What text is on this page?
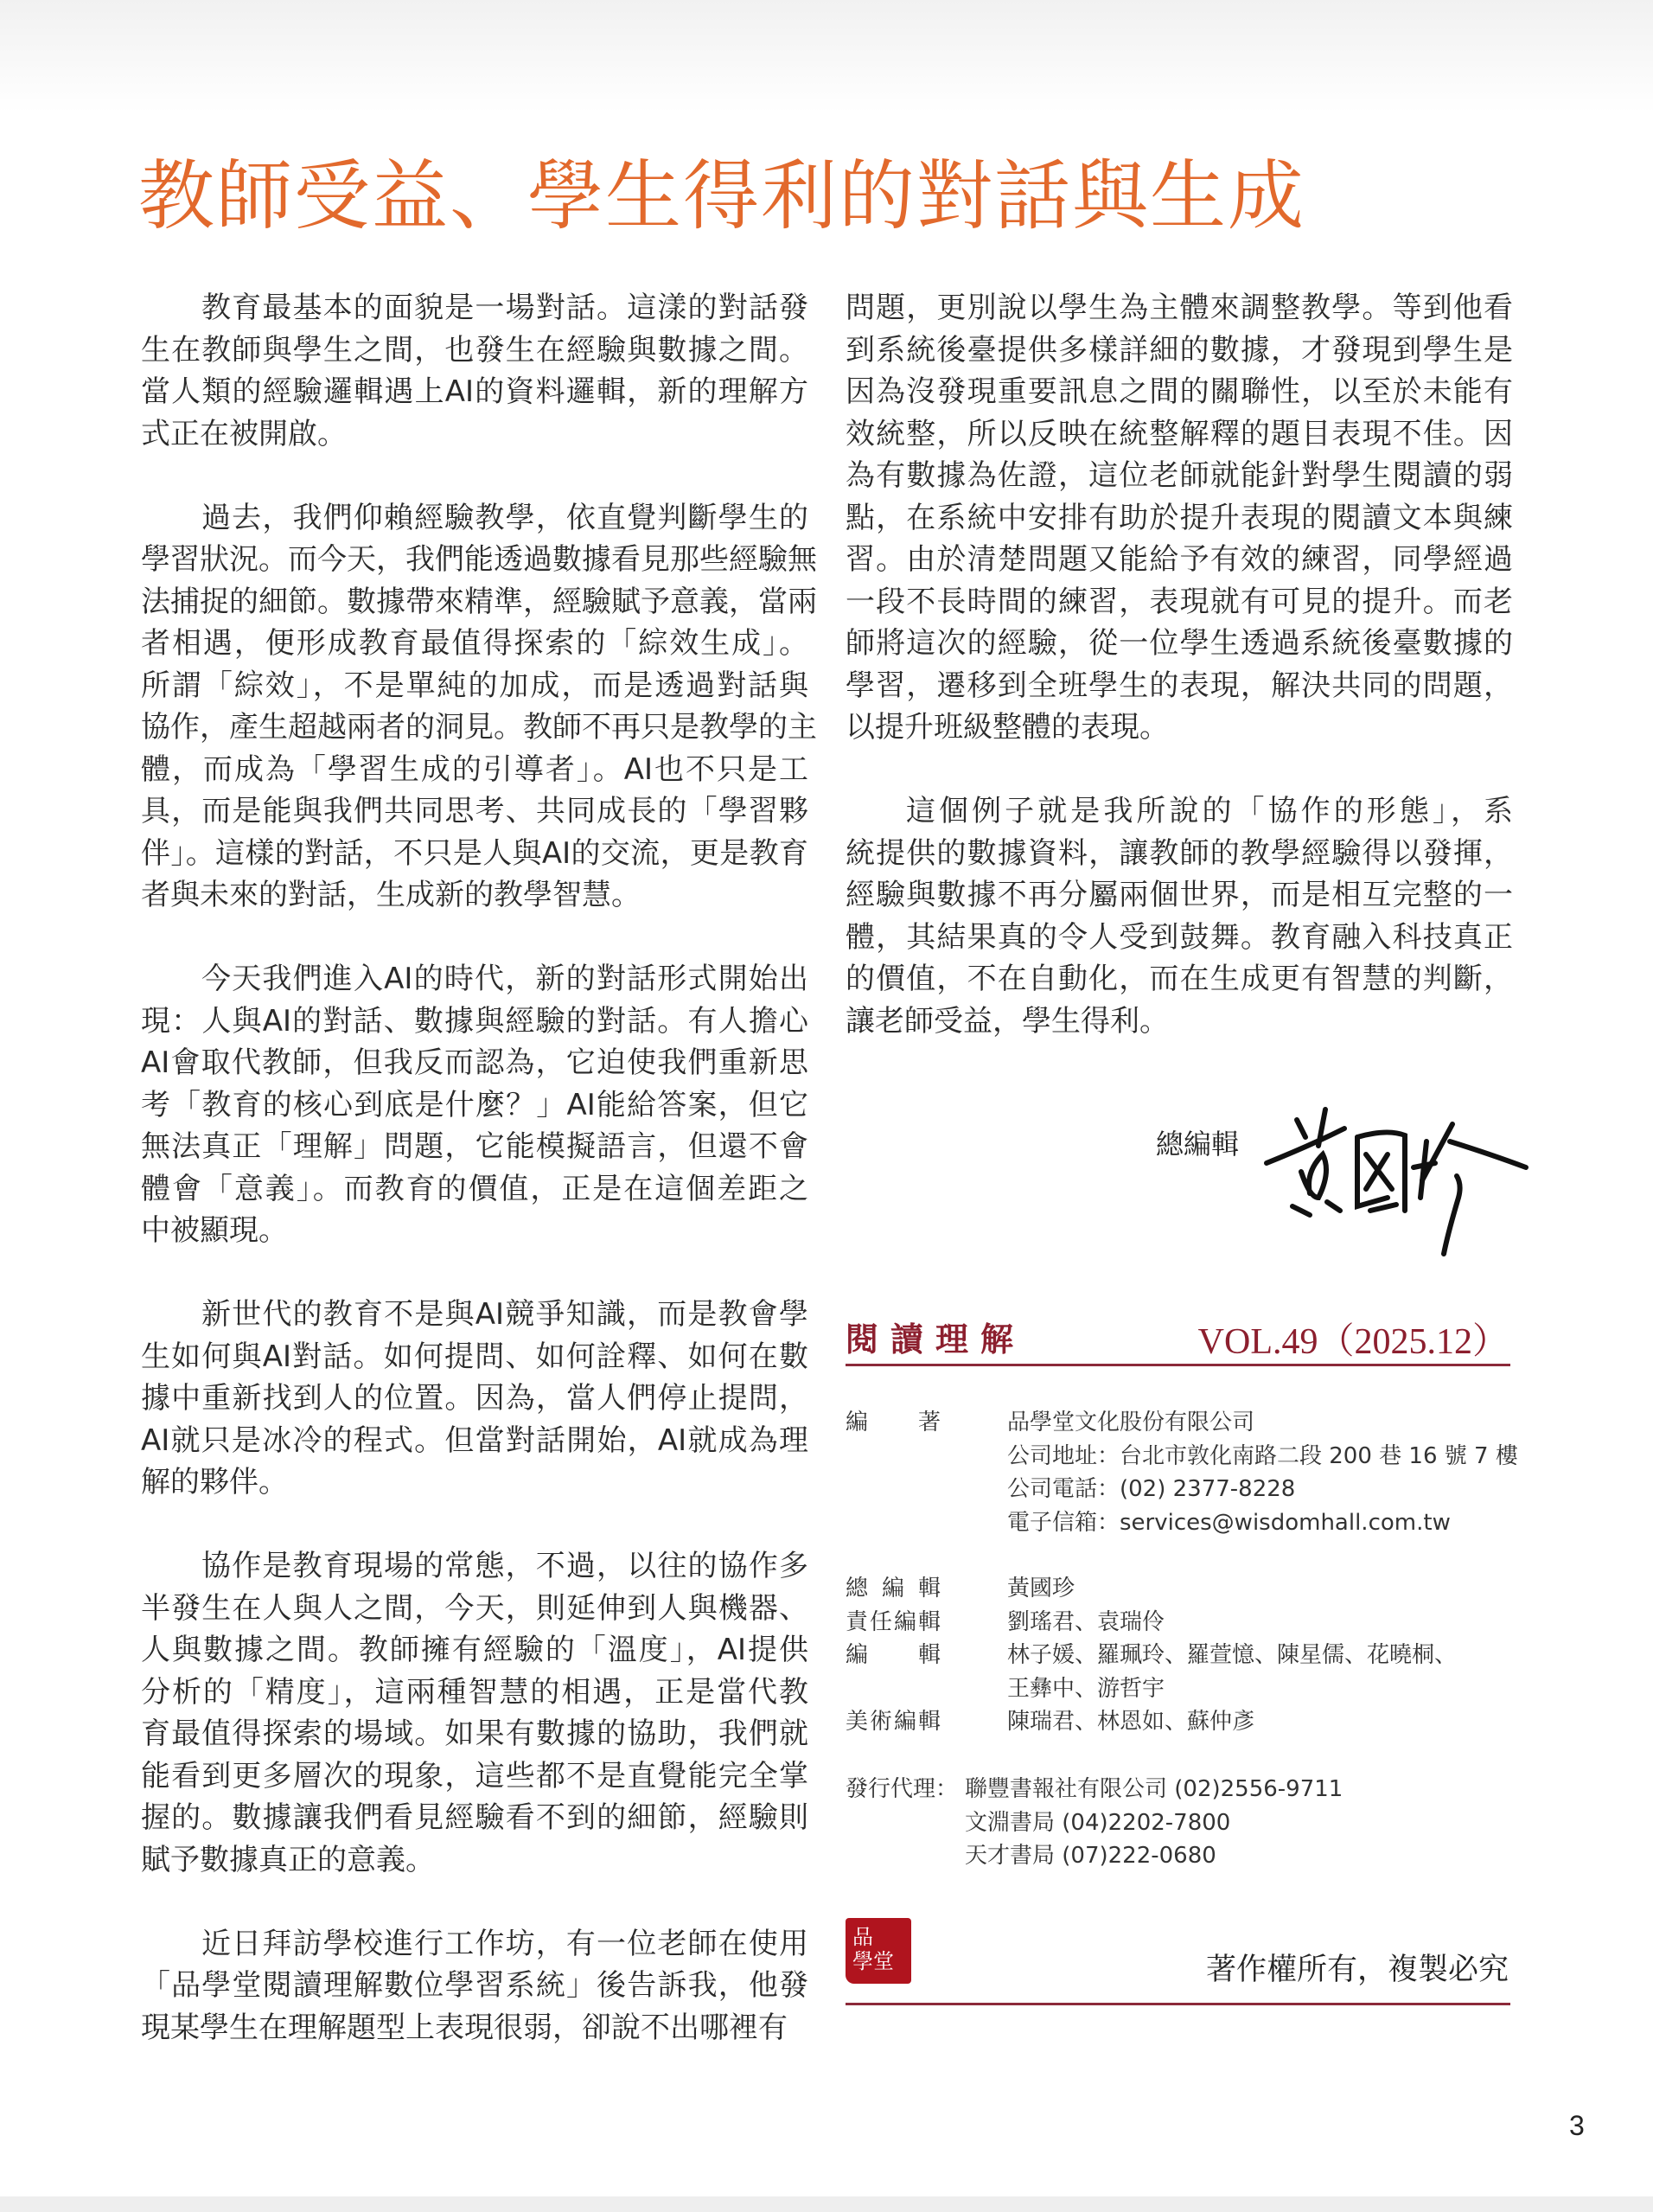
教師受益、學生得利的對話與生成
教育最基本的面貌是一場對話。這漾的對話發
生在教師與學生之間，也發生在經驗與數據之間。
當人類的經驗邏輯遇上AI的資料邏輯，新的理解方
式正在被開啟。
過去，我們仰賴經驗教學，依直覺判斷學生的
學習狀況。而今天，我們能透過數據看見那些經驗無
法捕捉的細節。數據帶來精準，經驗賦予意義，當兩
者相遇，便形成教育最值得探索的「綜效生成」。
所謂「綜效」，不是單純的加成，而是透過對話與
協作，產生超越兩者的洞見。教師不再只是教學的主
體，而成為「學習生成的引導者」。AI也不只是工
具，而是能與我們共同思考、共同成長的「學習夥
伴」。這樣的對話，不只是人與AI的交流，更是教育
者與未來的對話，生成新的教學智慧。
今天我們進入AI的時代，新的對話形式開始出
現：人與AI的對話、數據與經驗的對話。有人擔心
AI會取代教師，但我反而認為，它迫使我們重新思
考「教育的核心到底是什麼？」AI能給答案，但它
無法真正「理解」問題，它能模擬語言，但還不會
體會「意義」。而教育的價值，正是在這個差距之
中被顯現。
新世代的教育不是與AI競爭知識，而是教會學
生如何與AI對話。如何提問、如何詮釋、如何在數
據中重新找到人的位置。因為，當人們停止提問，
AI就只是冰冷的程式。但當對話開始，AI就成為理
解的夥伴。
協作是教育現場的常態，不過，以往的協作多
半發生在人與人之間，今天，則延伸到人與機器、
人與數據之間。教師擁有經驗的「溫度」，AI提供
分析的「精度」，這兩種智慧的相遇，正是當代教
育最值得探索的場域。如果有數據的協助，我們就
能看到更多層次的現象，這些都不是直覺能完全掌
握的。數據讓我們看見經驗看不到的細節，經驗則
賦予數據真正的意義。
近日拜訪學校進行工作坊，有一位老師在使用
「品學堂閱讀理解數位學習系統」後告訴我，他發
現某學生在理解題型上表現很弱，卻說不出哪裡有
問題，更別說以學生為主體來調整教學。等到他看
到系統後臺提供多樣詳細的數據，才發現到學生是
因為沒發現重要訊息之間的關聯性，以至於未能有
效統整，所以反映在統整解釋的題目表現不佳。因
為有數據為佐證，這位老師就能針對學生閱讀的弱
點，在系統中安排有助於提升表現的閱讀文本與練
習。由於清楚問題又能給予有效的練習，同學經過
一段不長時間的練習，表現就有可見的提升。而老
師將這次的經驗，從一位學生透過系統後臺數據的
學習，遷移到全班學生的表現，解決共同的問題，
以提升班級整體的表現。
這個例子就是我所說的「協作的形態」，系
統提供的數據資料，讓教師的教學經驗得以發揮，
經驗與數據不再分屬兩個世界，而是相互完整的一
體，其結果真的令人受到鼓舞。教育融入科技真正
的價值，不在自動化，而在生成更有智慧的判斷，
讓老師受益，學生得利。
總編輯
閱讀理解	VOL.49（2025.12）
編著	品學堂文化股份有限公司
公司地址：台北市敦化南路二段 200 巷 16 號 7 樓
公司電話：(02) 2377-8228
電子信箱：services@wisdomhall.com.tw
總編輯	黃國珍
責任編輯	劉瑤君、袁瑞伶
編輯	林子媛、羅珮玲、羅萱憶、陳星儒、花曉桐、
王彝中、游哲宇
美術編輯	陳瑞君、林恩如、蘇仲彥
發行代理： 聯豐書報社有限公司 (02)2556-9711
文淵書局 (04)2202-7800
天才書局 (07)222-0680
品
學堂	著作權所有，複製必究
3
